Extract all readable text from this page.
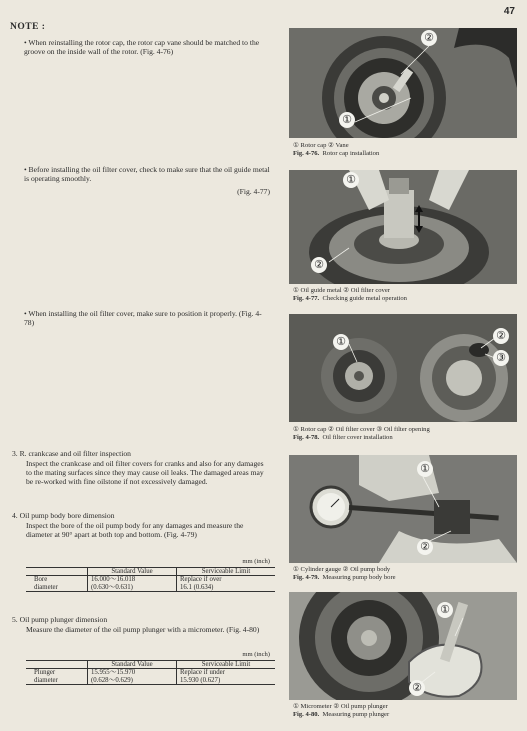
47
NOTE :
• When reinstalling the rotor cap, the rotor cap vane should be matched to the groove on the inside wall of the rotor. (Fig. 4-76)
• Before installing the oil filter cover, check to make sure that the oil guide metal is operating smoothly.
(Fig. 4-77)
• When installing the oil filter cover, make sure to position it properly. (Fig. 4-78)
3. R. crankcase and oil filter inspection
Inspect the crankcase and oil filter covers for cranks and also for any damages to the mating surfaces since they may cause oil leaks. The damaged areas may be re-worked with fine oilstone if not excessively damaged.
4. Oil pump body bore dimension
Inspect the bore of the oil pump body for any damages and measure the diameter at 90° apart at both top and bottom. (Fig. 4-79)
mm (inch)
	Standard Value	Serviceable Limit
Bore
diameter	16.000～16.018
(0.630～0.631)	Replace if over
16.1 (0.634)
5. Oil pump plunger dimension
Measure the diameter of the oil pump plunger with a micrometer. (Fig. 4-80)
mm (inch)
	Standard Value	Serviceable Limit
Plunger
diameter	15.955～15.970
(0.628～0.629)	Replace if under
15.930 (0.627)
②
①
① Rotor cap ② Vane
Fig. 4-76. Rotor cap installation
①
②
① Oil guide metal ② Oil filter cover
Fig. 4-77. Checking guide metal operation
①	②
③
① Rotor cap ② Oil filter cover ③ Oil filter opening
Fig. 4-78. Oil filter cover installation
①
②
① Cylinder gauge ② Oil pump body
Fig. 4-79. Measuring pump body bore
①
②
① Micrometer ② Oil pump plunger
Fig. 4-80. Measuring pump plunger
